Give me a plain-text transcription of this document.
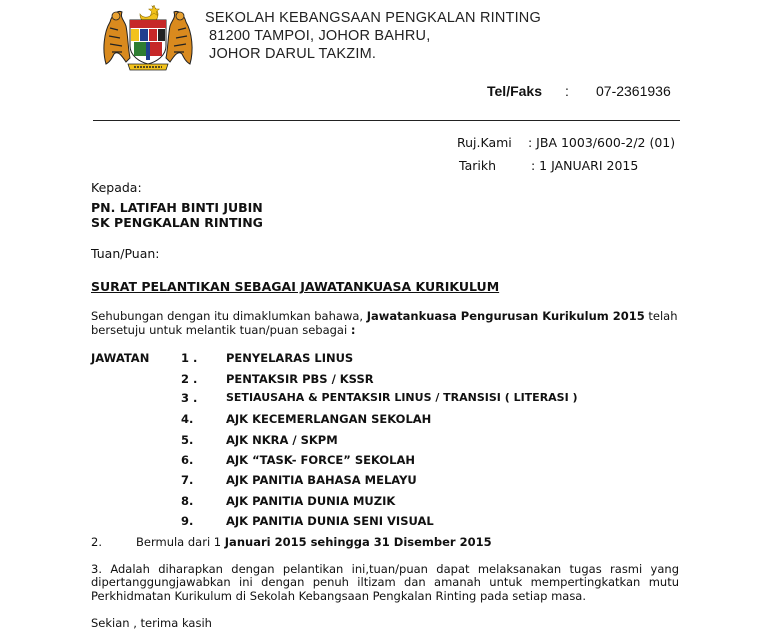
SEKOLAH KEBANGSAAN PENGKALAN RINTING
81200 TAMPOI, JOHOR BAHRU,
JOHOR DARUL TAKZIM.
Tel/Faks : 07-2361936
Ruj.Kami : JBA 1003/600-2/2 (01)
Tarikh	: 1 JANUARI 2015
Kepada:
PN. LATIFAH BINTI JUBIN
SK PENGKALAN RINTING
Tuan/Puan:
SURAT PELANTIKAN SEBAGAI JAWATANKUASA KURIKULUM
Sehubungan dengan itu dimaklumkan bahawa, Jawatankuasa Pengurusan Kurikulum 2015 telah
bersetuju untuk melantik tuan/puan sebagai :
JAWATAN	1 . PENYELARAS LINUS
2 . PENTAKSIR PBS / KSSR
3 .	SETIAUSAHA & PENTAKSIR LINUS / TRANSISI ( LITERASI )
4.	AJK KECEMERLANGAN SEKOLAH
5.	AJK NKRA / SKPM
6.	AJK “TASK- FORCE” SEKOLAH
7.	AJK PANITIA BAHASA MELAYU
8.	AJK PANITIA DUNIA MUZIK
9.	AJK PANITIA DUNIA SENI VISUAL
2.	Bermula dari 1 Januari 2015 sehingga 31 Disember 2015

3. Adalah diharapkan dengan pelantikan ini,tuan/puan dapat melaksanakan tugas rasmi yang

dipertanggungjawabkan ini dengan penuh iltizam dan amanah untuk mempertingkatkan mutu

Perkhidmatan Kurikulum di Sekolah Kebangsaan Pengkalan Rinting pada setiap masa.

Sekian , terima kasih
